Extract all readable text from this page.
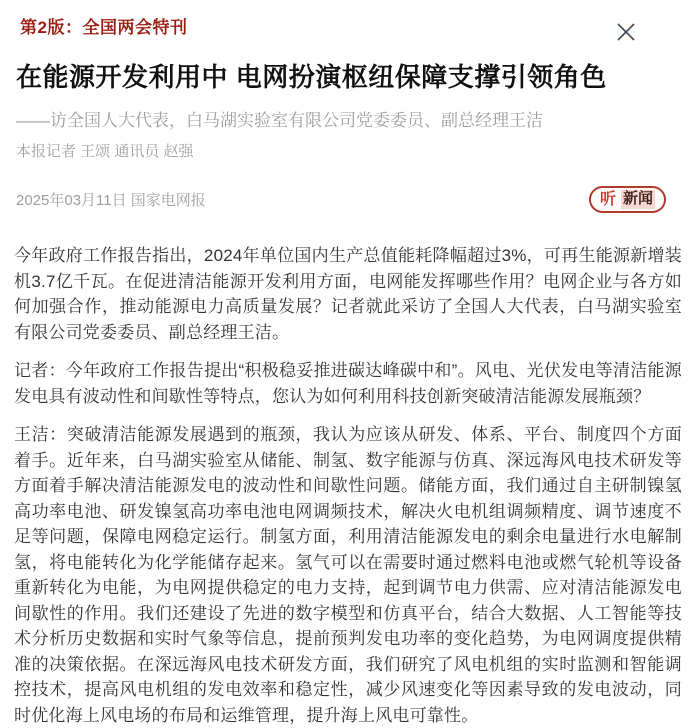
第2版：全国两会特刊
在能源开发利用中 电网扮演枢纽保障支撑引领角色
——访全国人大代表，白马湖实验室有限公司党委委员、副总经理王洁
本报记者 王颂 通讯员 赵强
2025年03月11日 国家电网报	听 新闻

今年政府工作报告指出，2024年单位国内生产总值能耗降幅超过3%，可再生能源新增装机3.7亿千瓦。在促进清洁能源开发利用方面，电网能发挥哪些作用？电网企业与各方如何加强合作，推动能源电力高质量发展？记者就此采访了全国人大代表，白马湖实验室有限公司党委委员、副总经理王洁。

记者：今年政府工作报告提出“积极稳妥推进碳达峰碳中和”。风电、光伏发电等清洁能源发电具有波动性和间歇性等特点，您认为如何利用科技创新突破清洁能源发展瓶颈？

王洁：突破清洁能源发展遇到的瓶颈，我认为应该从研发、体系、平台、制度四个方面着手。近年来，白马湖实验室从储能、制氢、数字能源与仿真、深远海风电技术研发等方面着手解决清洁能源发电的波动性和间歇性问题。储能方面，我们通过自主研制镍氢高功率电池、研发镍氢高功率电池电网调频技术，解决火电机组调频精度、调节速度不足等问题，保障电网稳定运行。制氢方面，利用清洁能源发电的剩余电量进行水电解制氢，将电能转化为化学能储存起来。氢气可以在需要时通过燃料电池或燃气轮机等设备重新转化为电能，为电网提供稳定的电力支持，起到调节电力供需、应对清洁能源发电间歇性的作用。我们还建设了先进的数字模型和仿真平台，结合大数据、人工智能等技术分析历史数据和实时气象等信息，提前预判发电功率的变化趋势，为电网调度提供精准的决策依据。在深远海风电技术研发方面，我们研究了风电机组的实时监测和智能调控技术，提高风电机组的发电效率和稳定性，减少风速变化等因素导致的发电波动，同时优化海上风电场的布局和运维管理，提升海上风电可靠性。
